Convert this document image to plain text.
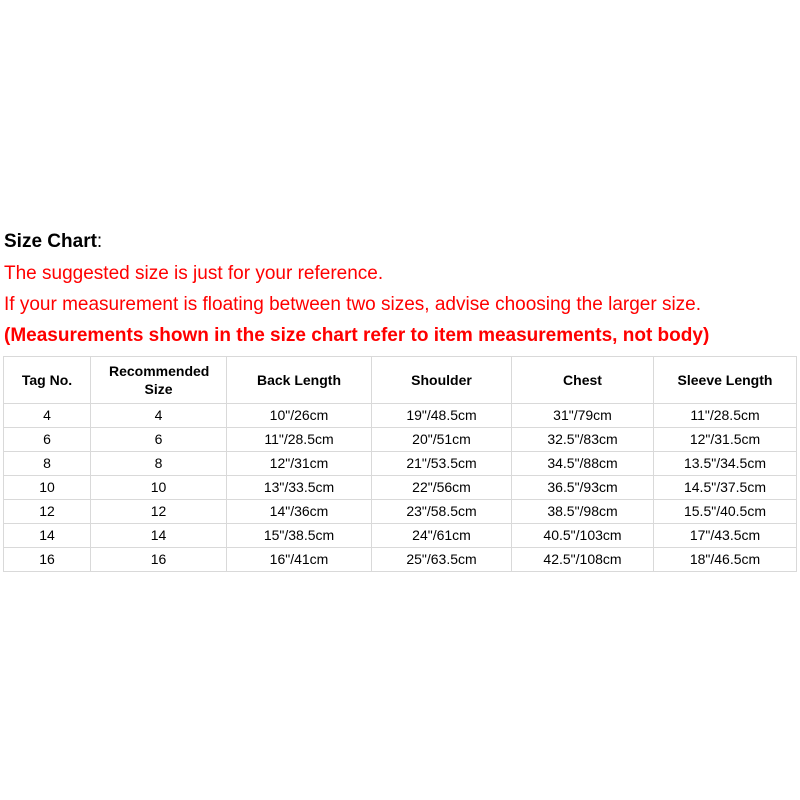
Size Chart:
The suggested size is just for your reference.
If your measurement is floating between two sizes, advise choosing the larger size.
(Measurements shown in the size chart refer to item measurements, not body)
Tag No.	Recommended Size	Back Length	Shoulder	Chest	Sleeve Length
4	4	10"/26cm	19"/48.5cm	31"/79cm	11"/28.5cm
6	6	11"/28.5cm	20"/51cm	32.5"/83cm	12"/31.5cm
8	8	12"/31cm	21"/53.5cm	34.5"/88cm	13.5"/34.5cm
10	10	13"/33.5cm	22"/56cm	36.5"/93cm	14.5"/37.5cm
12	12	14"/36cm	23"/58.5cm	38.5"/98cm	15.5"/40.5cm
14	14	15"/38.5cm	24"/61cm	40.5"/103cm	17"/43.5cm
16	16	16"/41cm	25"/63.5cm	42.5"/108cm	18"/46.5cm
